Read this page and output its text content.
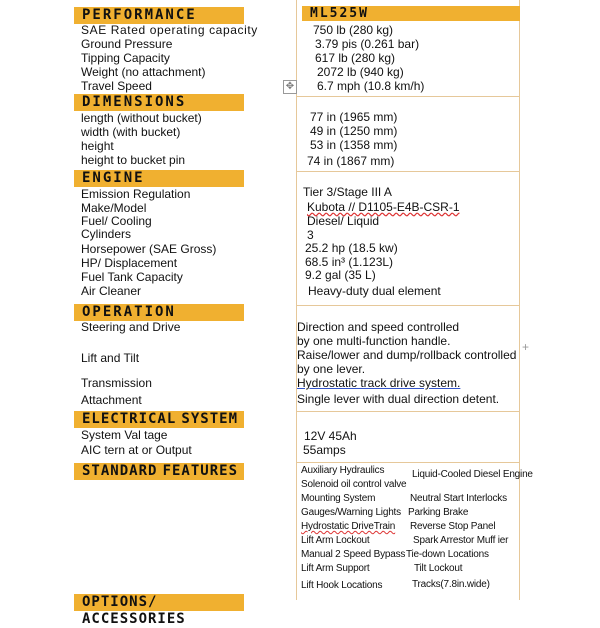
✥
+
PERFORMANCE	ML525W
SAE Rated operating capacity
Ground Pressure
Tipping Capacity
Weight (no attachment)
Travel Speed
750 lb (280 kg)
3.79 pis (0.261 bar)
617 lb (280 kg)
2072 lb (940 kg)
6.7 mph (10.8 km/h)
DIMENSIONS
length (without bucket)
width (with bucket)
height
height to bucket pin
77 in (1965 mm)
49 in (1250 mm)
53 in (1358 mm)
74 in (1867 mm)
ENGINE
Emission Regulation
Make/Model
Fuel/ Cooling
Cylinders
Horsepower (SAE Gross)
HP/ Displacement
Fuel Tank Capacity
Air Cleaner
Tier 3/Stage III A
Kubota // D1105-E4B-CSR-1
Diesel/ Liquid
3
25.2 hp (18.5 kw)
68.5 in³ (1.123L)
9.2 gal (35 L)
Heavy-duty dual element
OPERATION
Steering and Drive
Lift and Tilt
Transmission
Attachment
Direction and speed controlled
by one multi-function handle.
Raise/lower and dump/rollback controlled
by one lever.
Hydrostatic track drive system.
Single lever with dual direction detent.
ELECTRICAL SYSTEM
System Val tage
AIC tern at or Output
12V 45Ah
55amps
STANDARD FEATURES	Auxiliary Hydraulics
Solenoid oil control valve
Mounting System
Gauges/Warning Lights
Hydrostatic DriveTrain
Lift Arm Lockout
Manual 2 Speed Bypass
Lift Arm Support
Lift Hook Locations
Liquid-Cooled Diesel Engine
Neutral Start Interlocks
Parking Brake
Reverse Stop Panel
Spark Arrestor Muff ier
Tie-down Locations
Tilt Lockout
Tracks(7.8in.wide)
OPTIONS/ ACCESSORIES
